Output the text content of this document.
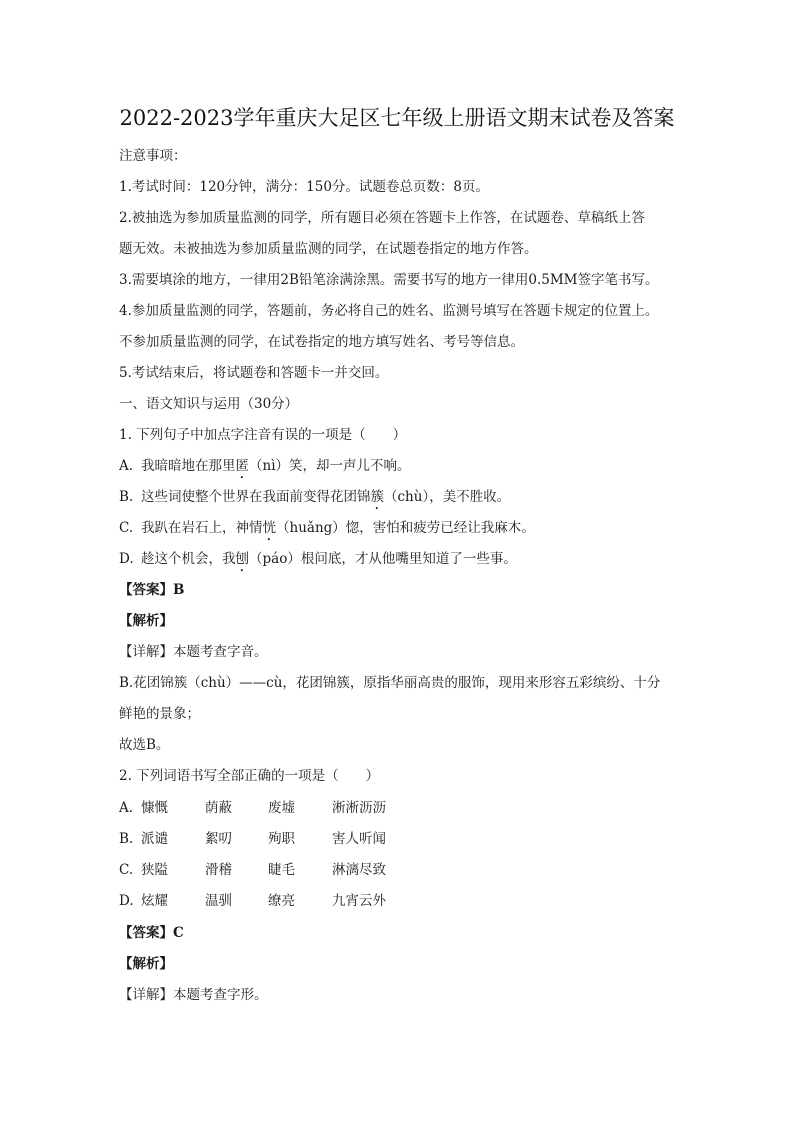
2022-2023学年重庆大足区七年级上册语文期末试卷及答案
注意事项：
1.考试时间：120分钟，满分：150分。试题卷总页数：8页。
2.被抽选为参加质量监测的同学，所有题目必须在答题卡上作答，在试题卷、草稿纸上答
题无效。未被抽选为参加质量监测的同学，在试题卷指定的地方作答。
3.需要填涂的地方，一律用2B铅笔涂满涂黑。需要书写的地方一律用0.5MM签字笔书写。
4.参加质量监测的同学，答题前，务必将自己的姓名、监测号填写在答题卡规定的位置上。
不参加质量监测的同学，在试卷指定的地方填写姓名、考号等信息。
5.考试结束后，将试题卷和答题卡一并交回。
一、语文知识与运用（30分）
1. 下列句子中加点字注音有误的一项是（　　）
A. 我暗暗地在那里匿（nì）笑，却一声儿不响。
B. 这些词使整个世界在我面前变得花团锦簇（chù），美不胜收。
C. 我趴在岩石上，神情恍（huǎng）惚，害怕和疲劳已经让我麻木。
D. 趁这个机会，我刨（páo）根问底，才从他嘴里知道了一些事。
【答案】B
【解析】
【详解】本题考查字音。
B.花团锦簇（chù）——cù，花团锦簇，原指华丽高贵的服饰，现用来形容五彩缤纷、十分
鲜艳的景象；
故选B。
2. 下列词语书写全部正确的一项是（　　）
A. 慷慨	荫蔽	废墟	淅淅沥沥
B. 派谴	絮叨	殉职	害人听闻
C. 狭隘	滑稽	睫毛	淋漓尽致
D. 炫耀	温驯	缭亮	九宵云外
【答案】C
【解析】
【详解】本题考查字形。
